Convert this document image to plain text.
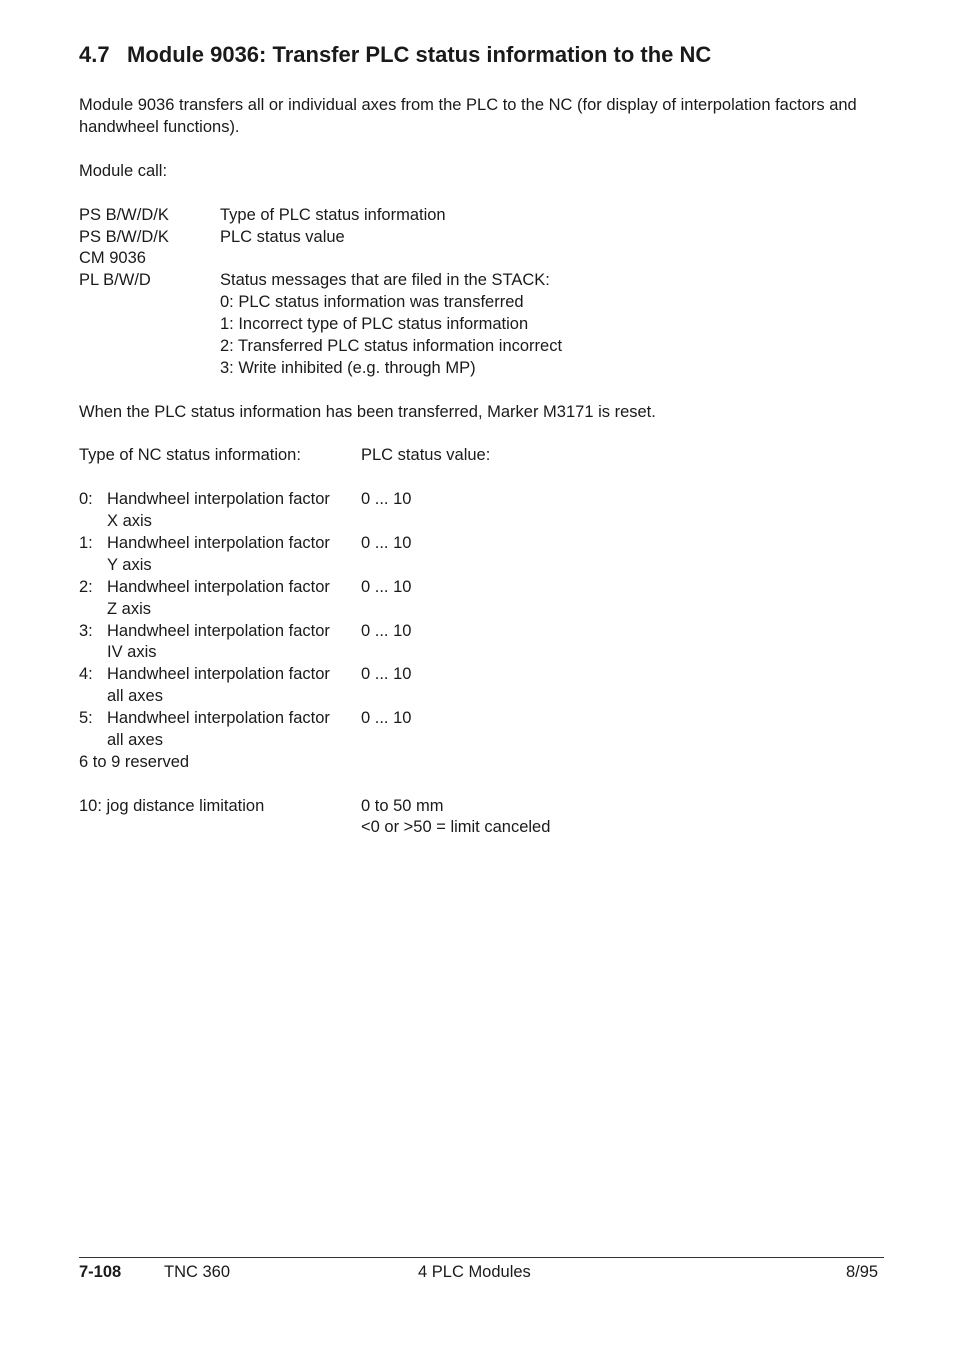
4.7 Module 9036: Transfer PLC status information to the NC
Module 9036 transfers all or individual axes from the PLC to the NC (for display of interpolation factors and handwheel functions).
Module call:
PS B/W/D/K	Type of PLC status information
PS B/W/D/K	PLC status value
CM 9036
PL B/W/D	Status messages that are filed in the STACK:
0: PLC status information was transferred
1: Incorrect type of PLC status information
2: Transferred PLC status information incorrect
3: Write inhibited (e.g. through MP)
When the PLC status information has been transferred, Marker M3171 is reset.
Type of NC status information:	PLC status value:
0: Handwheel interpolation factor 0 ... 10
X axis
1: Handwheel interpolation factor 0 ... 10
Y axis
2: Handwheel interpolation factor 0 ... 10
Z axis
3: Handwheel interpolation factor 0 ... 10
IV axis
4: Handwheel interpolation factor 0 ... 10
all axes
5: Handwheel interpolation factor 0 ... 10
all axes
6 to 9 reserved
10: jog distance limitation	0 to 50 mm
<0 or >50 = limit canceled
7-108	TNC 360	4 PLC Modules	8/95
